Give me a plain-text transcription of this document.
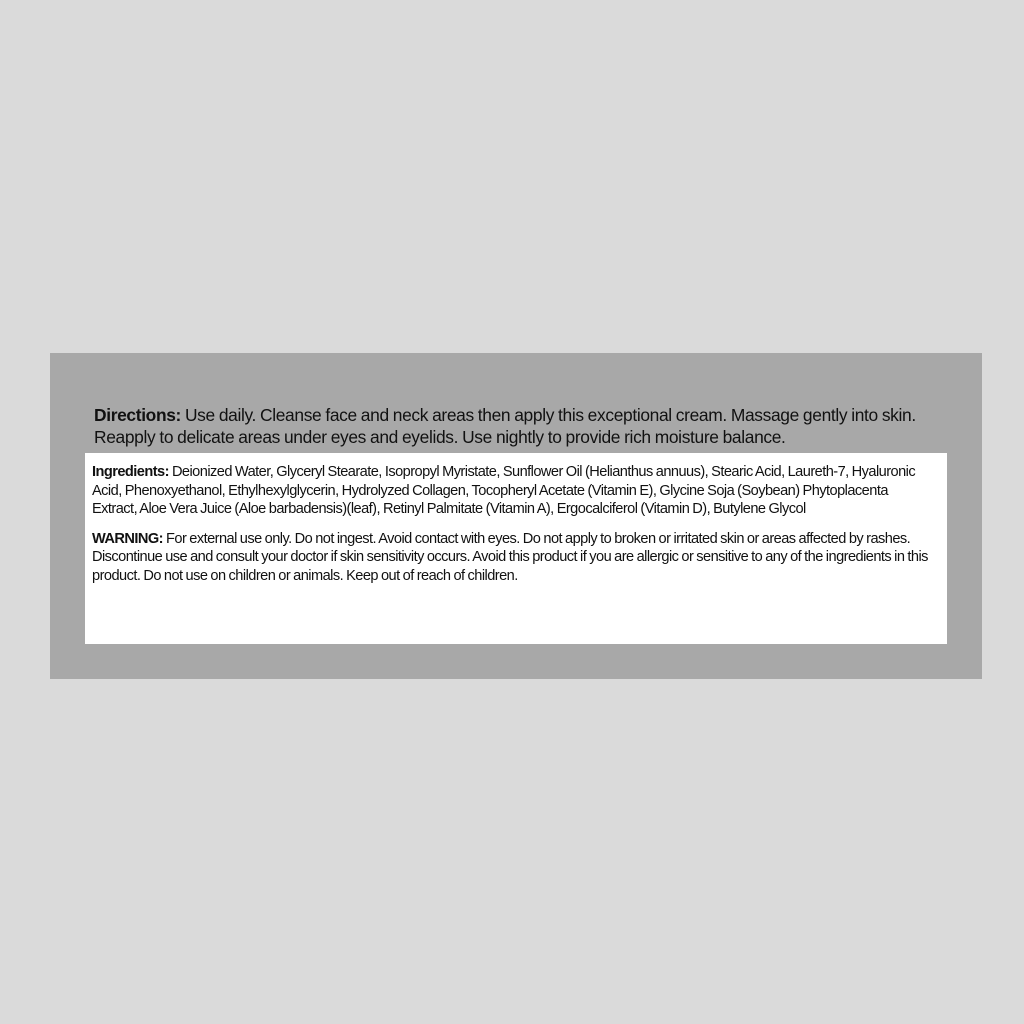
Directions: Use daily. Cleanse face and neck areas then apply this exceptional cream. Massage gently into skin. Reapply to delicate areas under eyes and eyelids. Use nightly to provide rich moisture balance.

Ingredients: Deionized Water, Glyceryl Stearate, Isopropyl Myristate, Sunflower Oil (Helianthus annuus), Stearic Acid, Laureth-7, Hyaluronic Acid, Phenoxyethanol, Ethylhexylglycerin, Hydrolyzed Collagen, Tocopheryl Acetate (Vitamin E), Glycine Soja (Soybean) Phytoplacenta Extract, Aloe Vera Juice (Aloe barbadensis)(leaf), Retinyl Palmitate (Vitamin A), Ergocalciferol (Vitamin D), Butylene Glycol

WARNING: For external use only. Do not ingest. Avoid contact with eyes. Do not apply to broken or irritated skin or areas affected by rashes. Discontinue use and consult your doctor if skin sensitivity occurs. Avoid this product if you are allergic or sensitive to any of the ingredients in this product. Do not use on children or animals. Keep out of reach of children.
